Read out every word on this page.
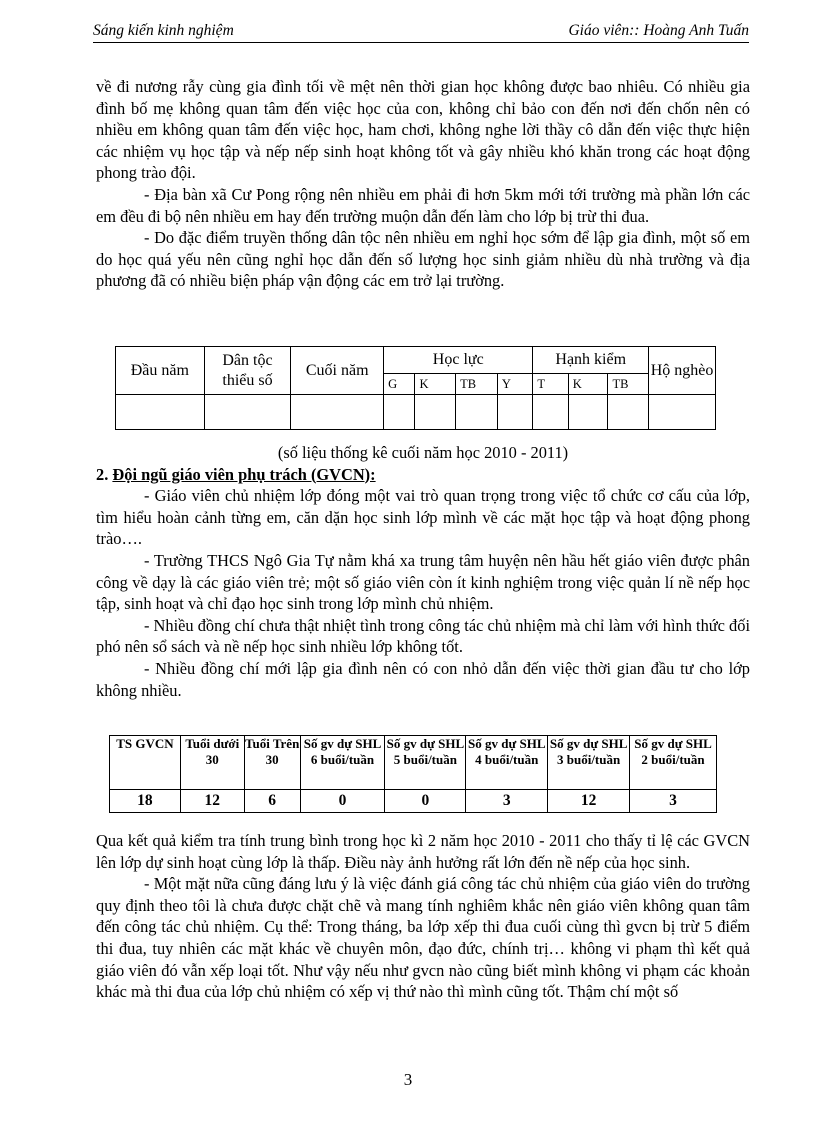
Sáng kiến kinh nghiệm	Giáo viên:: Hoàng Anh Tuấn

về đi nương rẫy cùng gia đình tối về mệt nên thời gian học không được bao nhiêu. Có nhiều gia đình bố mẹ không quan tâm đến việc học của con, không chỉ bảo con đến nơi đến chốn nên có nhiều em không quan tâm đến việc học, ham chơi, không nghe lời thầy cô dẫn đến việc thực hiện các nhiệm vụ học tập và nếp nếp sinh hoạt không tốt và gây nhiều khó khăn trong các hoạt động phong trào đội.

- Địa bàn xã Cư Pong rộng nên nhiều em phải đi hơn 5km mới tới trường mà phần lớn các em đều đi bộ nên nhiều em hay đến trường muộn dẫn đến làm cho lớp bị trừ thi đua.

- Do đặc điểm truyền thống dân tộc nên nhiều em nghỉ học sớm để lập gia đình, một số em do học quá yếu nên cũng nghỉ học dẫn đến số lượng học sinh giảm nhiều dù nhà trường và địa phương đã có nhiều biện pháp vận động các em trở lại trường.

Đầu năm	Dân tộc thiểu số	Cuối năm	Học lực				Hạnh kiểm			Hộ nghèo
			G	K	TB	Y	T	K	TB	

(số liệu thống kê cuối năm học 2010 - 2011)

2. Đội ngũ giáo viên phụ trách (GVCN):

- Giáo viên chủ nhiệm lớp đóng một vai trò quan trọng trong việc tổ chức cơ cấu của lớp, tìm hiểu hoàn cảnh từng em, căn dặn học sinh lớp mình về các mặt học tập và hoạt động phong trào….

- Trường THCS Ngô Gia Tự nằm khá xa trung tâm huyện nên hầu hết giáo viên được phân công về dạy là các giáo viên trẻ; một số giáo viên còn ít kinh nghiệm trong việc quản lí nề nếp học tập, sinh hoạt và chỉ đạo học sinh trong lớp mình chủ nhiệm.

- Nhiều đồng chí chưa thật nhiệt tình trong công tác chủ nhiệm mà chỉ làm với hình thức đối phó nên sổ sách và nề nếp học sinh nhiều lớp không tốt.

- Nhiều đồng chí mới lập gia đình nên có con nhỏ dẫn đến việc thời gian đầu tư cho lớp không nhiều.

TS GVCN	Tuổi dưới 30	Tuổi Trên 30	Số gv dự SHL 6 buổi/tuần	Số gv dự SHL 5 buổi/tuần	Số gv dự SHL 4 buổi/tuần	Số gv dự SHL 3 buổi/tuần	Số gv dự SHL 2 buổi/tuần
18	12	6	0	0	3	12	3

Qua kết quả kiểm tra tính trung bình trong học kì 2 năm học 2010 - 2011 cho thấy tỉ lệ các GVCN lên lớp dự sinh hoạt cùng lớp là thấp. Điều này ảnh hưởng rất lớn đến nề nếp của học sinh.

- Một mặt nữa cũng đáng lưu ý là việc đánh giá công tác chủ nhiệm của giáo viên do trường quy định theo tôi là chưa được chặt chẽ và mang tính nghiêm khắc nên giáo viên không quan tâm đến công tác chủ nhiệm. Cụ thể: Trong tháng, ba lớp xếp thi đua cuối cùng thì gvcn bị trừ 5 điểm thi đua, tuy nhiên các mặt khác về chuyên môn, đạo đức, chính trị… không vi phạm thì kết quả giáo viên đó vẫn xếp loại tốt. Như vậy nếu như gvcn nào cũng biết mình không vi phạm các khoản khác mà thi đua của lớp chủ nhiệm có xếp vị thứ nào thì mình cũng tốt. Thậm chí một số

3
